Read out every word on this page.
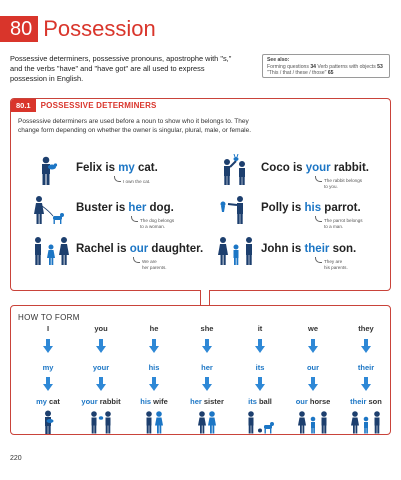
80 Possession
Possessive determiners, possessive pronouns, apostrophe with "s," and the verbs "have" and "have got" are all used to express possession in English.
See also:
Forming questions 34 Verb patterns with objects 53
"This / that / these / those" 65
80.1	POSSESSIVE DETERMINERS
Possessive determiners are used before a noun to show who it belongs to. They change form depending on whether the owner is singular, plural, male, or female.
Felix is my cat.
I own the cat.
Coco is your rabbit.
The rabbit belongs
to you.
Buster is her dog.
The dog belongs
to a woman.
Polly is his parrot.
The parrot belongs
to a man.
Rachel is our daughter.
We are
her parents.
John is their son.
They are
his parents.
HOW TO FORM
I
my
my cat
you
your
your rabbit
he
his
his wife
she
her
her sister
it
its
its ball
we
our
our horse
they
their
their son
220
